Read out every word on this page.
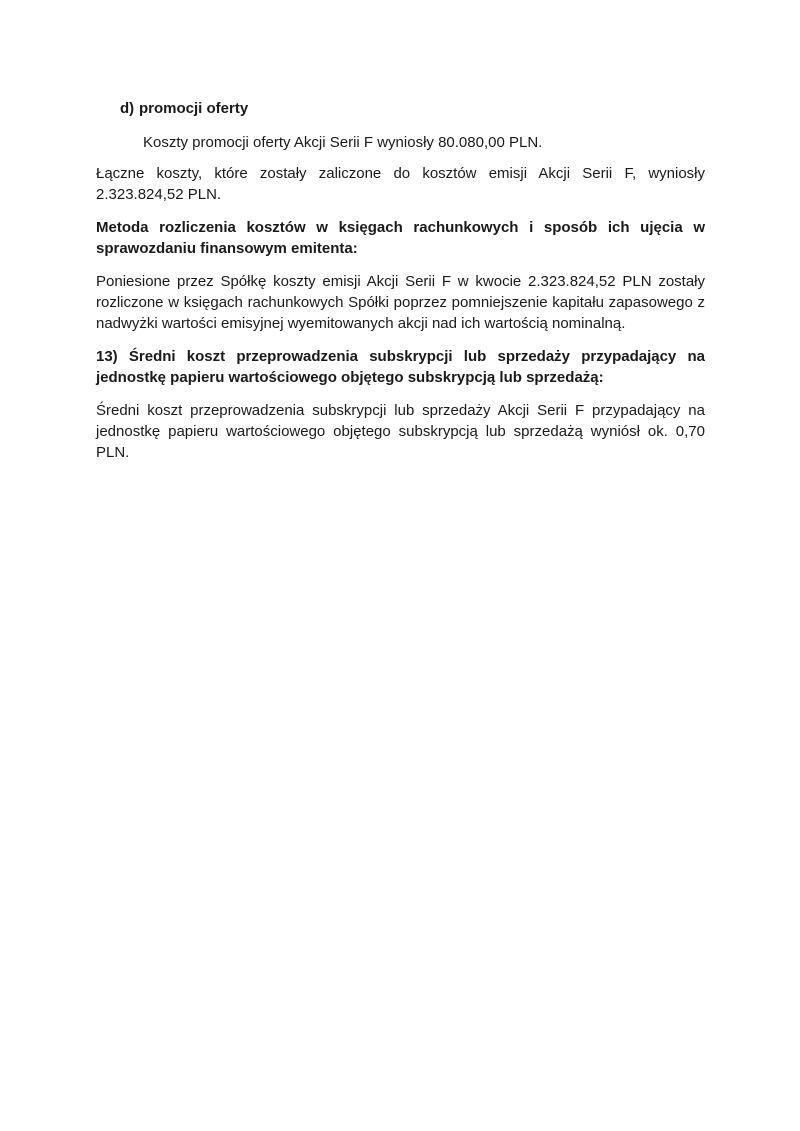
d) promocji oferty

Koszty promocji oferty Akcji Serii F wyniosły 80.080,00 PLN.

Łączne koszty, które zostały zaliczone do kosztów emisji Akcji Serii F, wyniosły 2.323.824,52 PLN.

Metoda rozliczenia kosztów w księgach rachunkowych i sposób ich ujęcia w sprawozdaniu finansowym emitenta:

Poniesione przez Spółkę koszty emisji Akcji Serii F w kwocie 2.323.824,52 PLN zostały rozliczone w księgach rachunkowych Spółki poprzez pomniejszenie kapitału zapasowego z nadwyżki wartości emisyjnej wyemitowanych akcji nad ich wartością nominalną.

13) Średni koszt przeprowadzenia subskrypcji lub sprzedaży przypadający na jednostkę papieru wartościowego objętego subskrypcją lub sprzedażą:

Średni koszt przeprowadzenia subskrypcji lub sprzedaży Akcji Serii F przypadający na jednostkę papieru wartościowego objętego subskrypcją lub sprzedażą wyniósł ok. 0,70 PLN.
